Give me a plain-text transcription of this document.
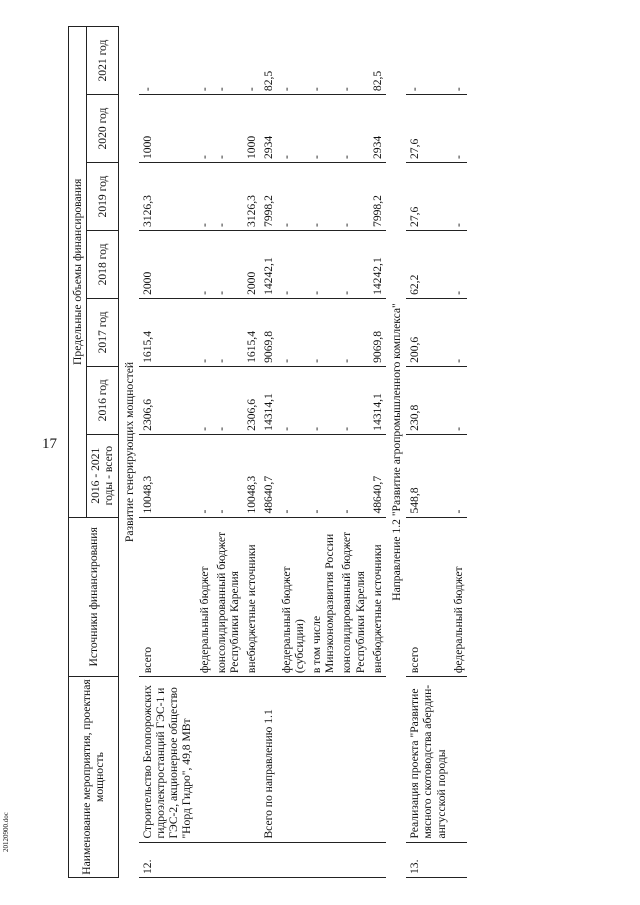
17
20120900.doc	Наименование мероприятия, проектная мощность		Источники финансирования	Предельные объемы финансирования						
			2016 - 2021 годы - всего	2016 год	2017 год	2018 год	2019 год	2020 год	2021 год
Развитие генерирующих мощностей									
12.	Строительство Белопорожских гидроэлектростанций ГЭС-1 и ГЭС-2, акционерное общество "Норд Гидро", 49,8 МВт	всего	10048,3	2306,6	1615,4	2000	3126,3	1000	-
		федеральный бюджет	-	-	-	-	-	-	-
		консолидированный бюджет Республики Карелия	-	-	-	-	-	-	-
		внебюджетные источники	10048,3	2306,6	1615,4	2000	3126,3	1000	-
	Всего по направлению 1.1		48640,7	14314,1	9069,8	14242,1	7998,2	2934	82,5
		федеральный бюджет (субсидии)	-	-	-	-	-	-	-
		в том числе Минэкономразвития России	-	-	-	-	-	-	-
		консолидированный бюджет Республики Карелия	-	-	-	-	-	-	-
		внебюджетные источники	48640,7	14314,1	9069,8	14242,1	7998,2	2934	82,5
Направление 1.2 "Развитие агропромышленного комплекса"									
13.	Реализация проекта "Развитие мясного скотоводства абердин-ангусской породы	всего	548,8	230,8	200,6	62,2	27,6	27,6	-
		федеральный бюджет	-	-	-	-	-	-	-
